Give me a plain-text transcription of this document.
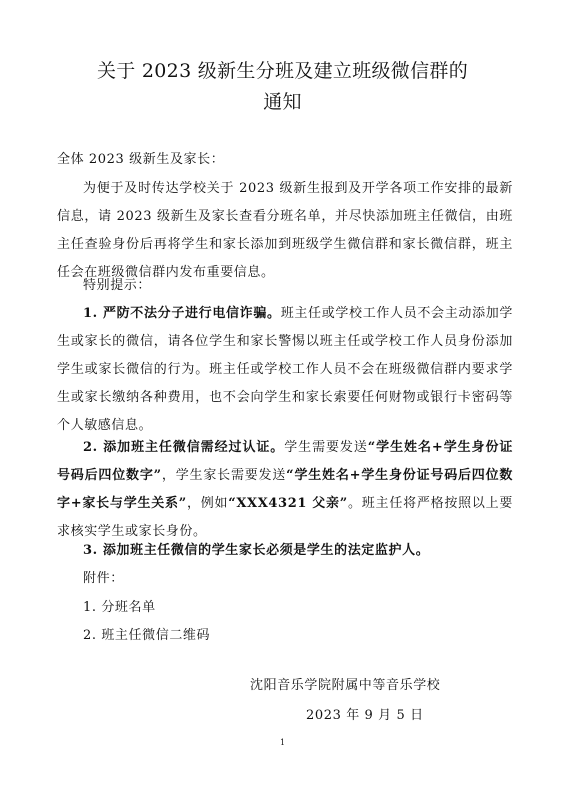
关于 2023 级新生分班及建立班级微信群的
通知
全体 2023 级新生及家长：
为便于及时传达学校关于 2023 级新生报到及开学各项工作安排的最新信息，请 2023 级新生及家长查看分班名单，并尽快添加班主任微信，由班主任查验身份后再将学生和家长添加到班级学生微信群和家长微信群，班主任会在班级微信群内发布重要信息。
特别提示：
1. 严防不法分子进行电信诈骗。班主任或学校工作人员不会主动添加学生或家长的微信，请各位学生和家长警惕以班主任或学校工作人员身份添加学生或家长微信的行为。班主任或学校工作人员不会在班级微信群内要求学生或家长缴纳各种费用，也不会向学生和家长索要任何财物或银行卡密码等个人敏感信息。
2. 添加班主任微信需经过认证。学生需要发送“学生姓名+学生身份证号码后四位数字”，学生家长需要发送“学生姓名+学生身份证号码后四位数字+家长与学生关系”，例如“XXX4321 父亲”。班主任将严格按照以上要求核实学生或家长身份。
3. 添加班主任微信的学生家长必须是学生的法定监护人。
附件：
1. 分班名单
2. 班主任微信二维码
沈阳音乐学院附属中等音乐学校
2023 年 9 月 5 日
1
